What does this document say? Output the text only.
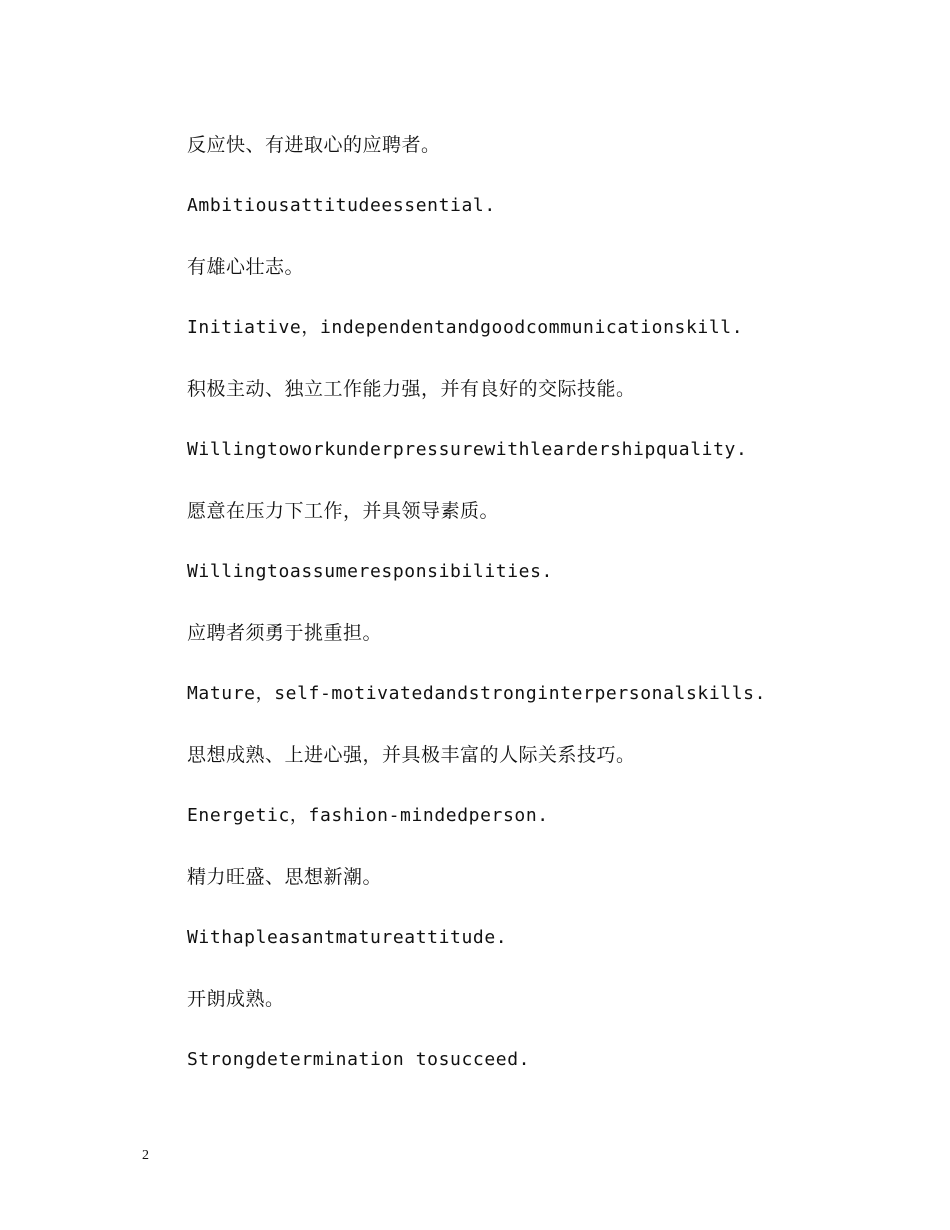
反应快、有进取心的应聘者。
Ambitiousattitudeessential.
有雄心壮志。
Initiative，independentandgoodcommunicationskill.
积极主动、独立工作能力强，并有良好的交际技能。
Willingtoworkunderpressurewithleardershipquality.
愿意在压力下工作，并具领导素质。
Willingtoassumeresponsibilities.
应聘者须勇于挑重担。
Mature，self-motivatedandstronginterpersonalskills.
思想成熟、上进心强，并具极丰富的人际关系技巧。
Energetic，fashion-mindedperson.
精力旺盛、思想新潮。
Withapleasantmatureattitude.
开朗成熟。
Strongdetermination tosucceed.
2
